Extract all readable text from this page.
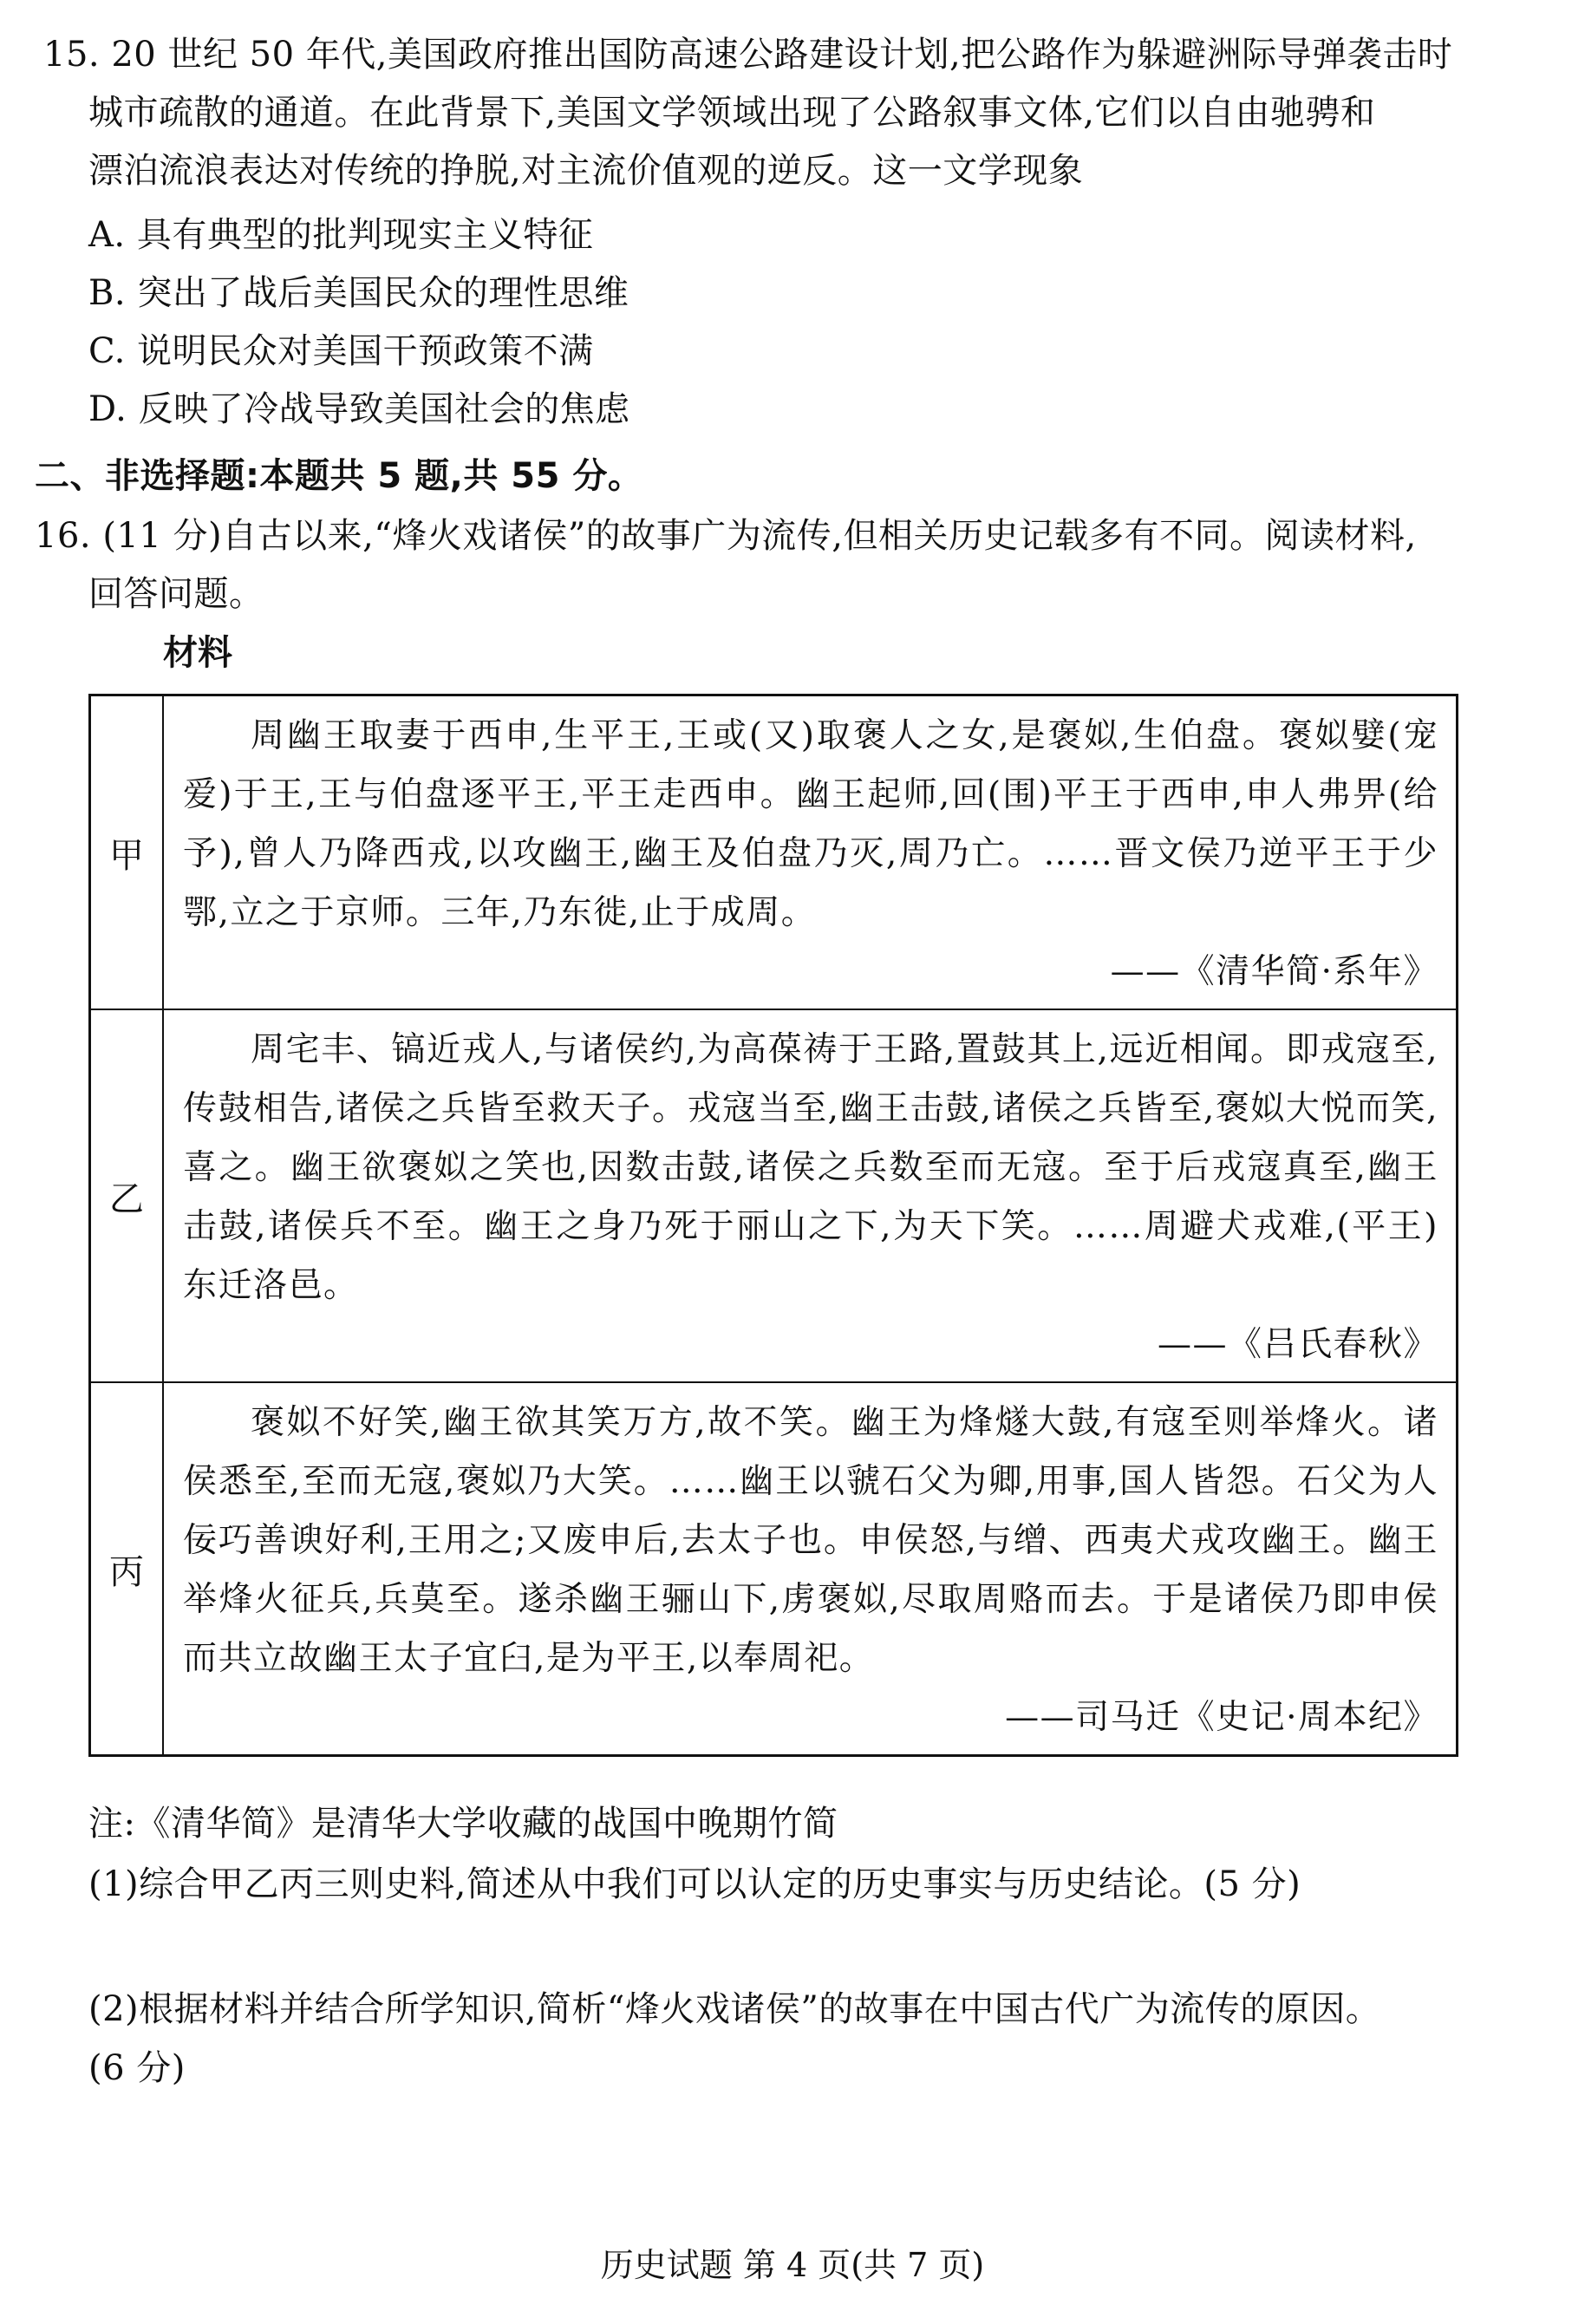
15. 20 世纪 50 年代,美国政府推出国防高速公路建设计划,把公路作为躲避洲际导弹袭击时
城市疏散的通道。在此背景下,美国文学领域出现了公路叙事文体,它们以自由驰骋和
漂泊流浪表达对传统的挣脱,对主流价值观的逆反。这一文学现象
A. 具有典型的批判现实主义特征
B. 突出了战后美国民众的理性思维
C. 说明民众对美国干预政策不满
D. 反映了冷战导致美国社会的焦虑
二、非选择题:本题共 5 题,共 55 分。
16. (11 分)自古以来,“烽火戏诸侯”的故事广为流传,但相关历史记载多有不同。阅读材料,
回答问题。
材料
甲	周幽王取妻于西申,生平王,王或(又)取褒人之女,是褒姒,生伯盘。褒姒嬖(宠爱)于王,王与伯盘逐平王,平王走西申。幽王起师,回(围)平王于西申,申人弗畀(给予),曾人乃降西戎,以攻幽王,幽王及伯盘乃灭,周乃亡。……晋文侯乃逆平王于少鄂,立之于京师。三年,乃东徙,止于成周。

——《清华简·系年》

乙	周宅丰、镐近戎人,与诸侯约,为高葆祷于王路,置鼓其上,远近相闻。即戎寇至,传鼓相告,诸侯之兵皆至救天子。戎寇当至,幽王击鼓,诸侯之兵皆至,褒姒大悦而笑,喜之。幽王欲褒姒之笑也,因数击鼓,诸侯之兵数至而无寇。至于后戎寇真至,幽王击鼓,诸侯兵不至。幽王之身乃死于丽山之下,为天下笑。……周避犬戎难,(平王)东迁洛邑。

——《吕氏春秋》

丙	褒姒不好笑,幽王欲其笑万方,故不笑。幽王为烽燧大鼓,有寇至则举烽火。诸侯悉至,至而无寇,褒姒乃大笑。……幽王以虢石父为卿,用事,国人皆怨。石父为人佞巧善谀好利,王用之;又废申后,去太子也。申侯怒,与缯、西夷犬戎攻幽王。幽王举烽火征兵,兵莫至。遂杀幽王骊山下,虏褒姒,尽取周赂而去。于是诸侯乃即申侯而共立故幽王太子宜臼,是为平王,以奉周祀。

——司马迁《史记·周本纪》

注:《清华简》是清华大学收藏的战国中晚期竹简
(1)综合甲乙丙三则史料,简述从中我们可以认定的历史事实与历史结论。(5 分)
(2)根据材料并结合所学知识,简析“烽火戏诸侯”的故事在中国古代广为流传的原因。
(6 分)
历史试题 第 4 页(共 7 页)
